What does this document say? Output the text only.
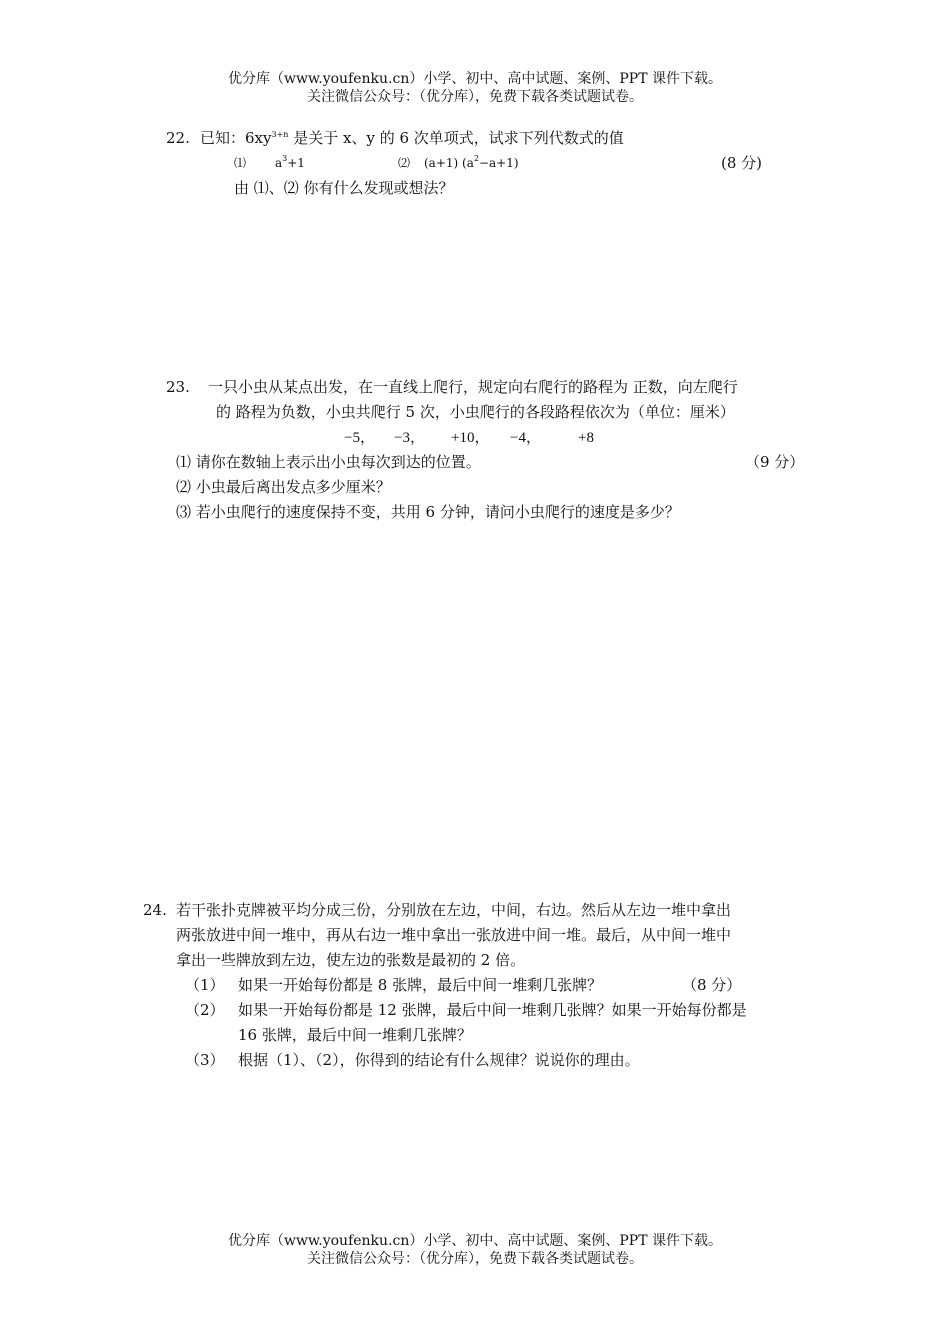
优分库（www.youfenku.cn）小学、初中、高中试题、案例、PPT 课件下载。
关注微信公众号：（优分库），免费下载各类试题试卷。
22. 已知：$6xy^{3+n}$ 是关于 x、y 的 6 次单项式，试求下列代数式的值
⑴ $a^3+1$	⑵ (a+1) $(a^2-a+1)$	(8 分)
由 ⑴、⑵ 你有什么发现或想法？
23. 一只小虫从某点出发，在一直线上爬行，规定向右爬行的路程为 正数，向左爬行
的 路程为负数，小虫共爬行 5 次，小虫爬行的各段路程依次为（单位：厘米）
−5， −3， +10， −4， +8
⑴ 请你在数轴上表示出小虫每次到达的位置。	（9 分）
⑵ 小虫最后离出发点多少厘米？
⑶ 若小虫爬行的速度保持不变，共用 6 分钟，请问小虫爬行的速度是多少？
24. 若干张扑克牌被平均分成三份，分别放在左边，中间，右边。然后从左边一堆中拿出
两张放进中间一堆中，再从右边一堆中拿出一张放进中间一堆。最后，从中间一堆中
拿出一些牌放到左边，使左边的张数是最初的 2 倍。
（1） 如果一开始每份都是 8 张牌，最后中间一堆剩几张牌？	（8 分）
（2） 如果一开始每份都是 12 张牌，最后中间一堆剩几张牌？如果一开始每份都是
16 张牌，最后中间一堆剩几张牌？
（3） 根据（1）、（2），你得到的结论有什么规律？说说你的理由。
优分库（www.youfenku.cn）小学、初中、高中试题、案例、PPT 课件下载。
关注微信公众号：（优分库），免费下载各类试题试卷。
